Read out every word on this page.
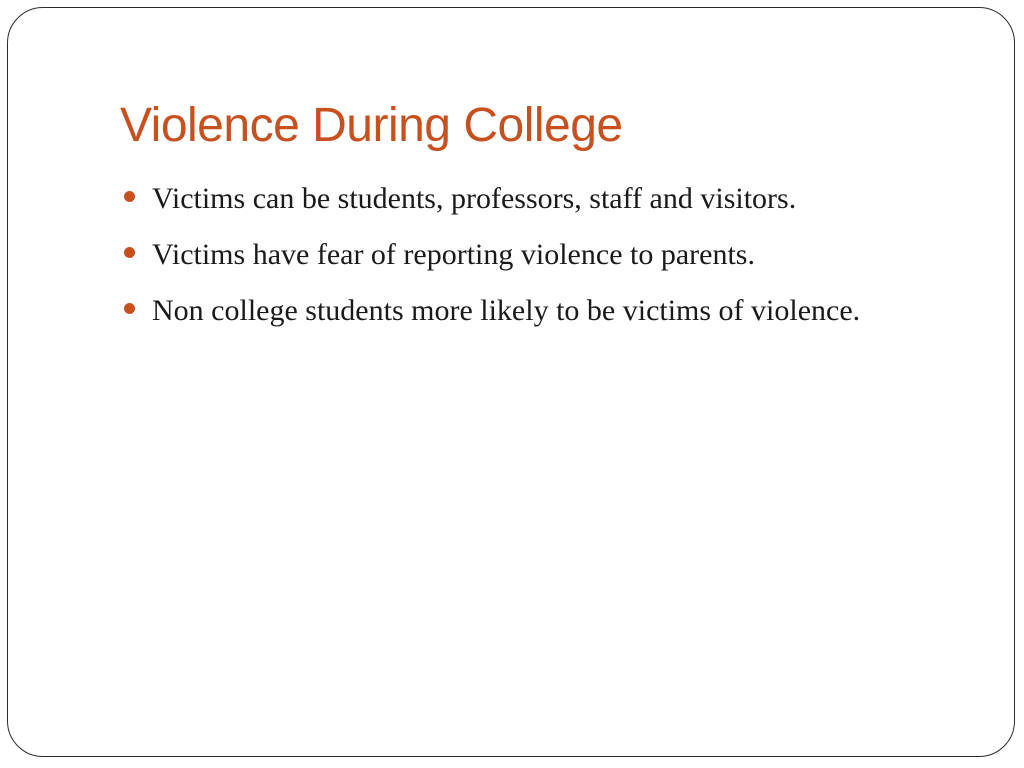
Violence During College
Victims can be students, professors, staff and visitors.
Victims have fear of reporting violence to parents.
Non college students more likely to be victims of violence.
